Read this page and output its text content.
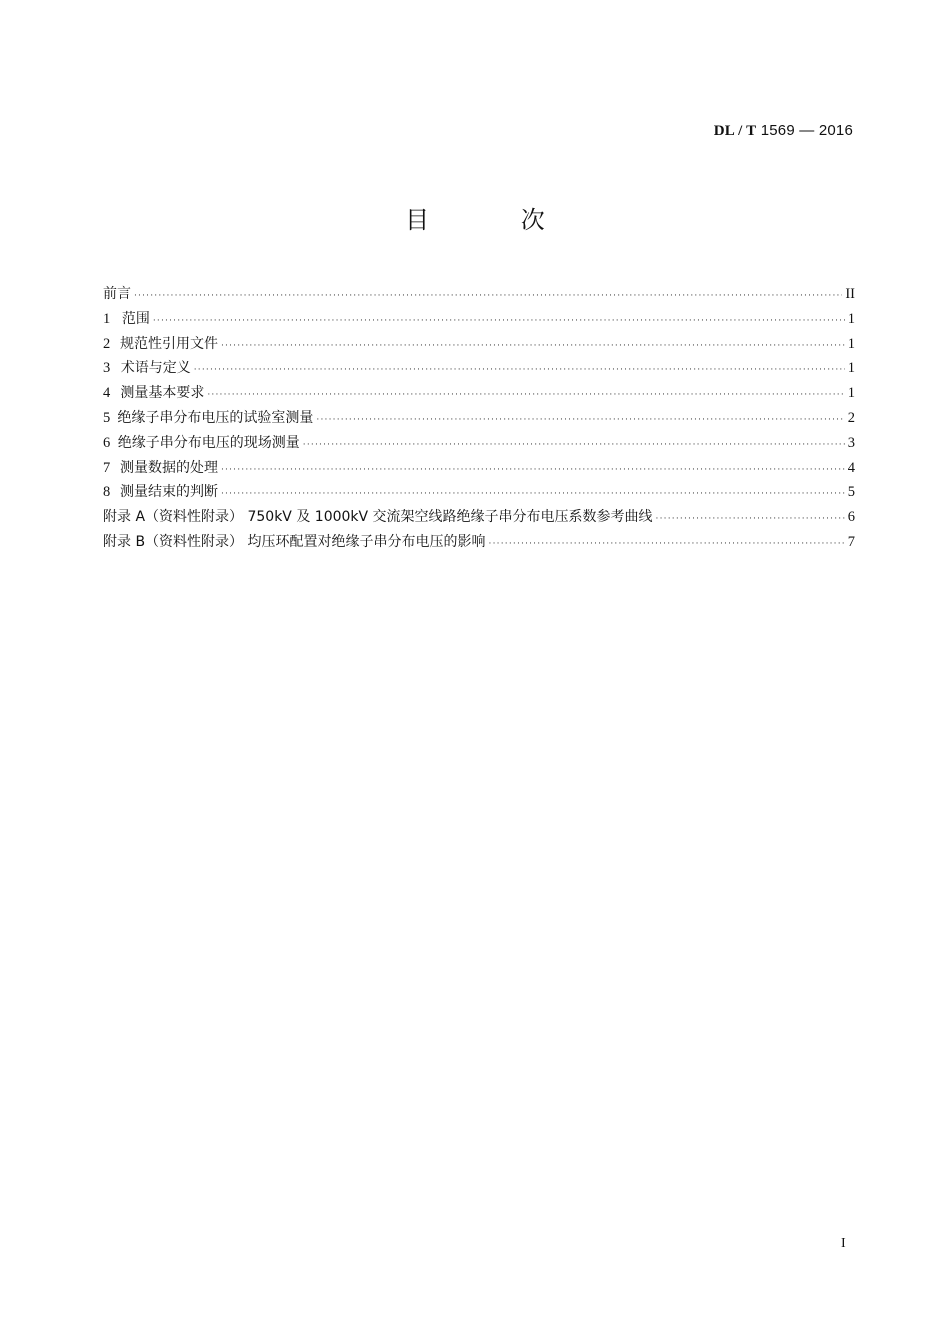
DL / T 1569 — 2016
目 次
前言 ·····	II
1 范围 ·····	1
2 规范性引用文件 ·····	1
3 术语与定义 ·····	1
4 测量基本要求 ·····	1
5 绝缘子串分布电压的试验室测量 ·····	2
6 绝缘子串分布电压的现场测量 ·····	3
7 测量数据的处理 ·····	4
8 测量结束的判断 ·····	5
附录 A（资料性附录） 750kV 及 1000kV 交流架空线路绝缘子串分布电压系数参考曲线 ·····	6
附录 B（资料性附录） 均压环配置对绝缘子串分布电压的影响 ·····	7
I
